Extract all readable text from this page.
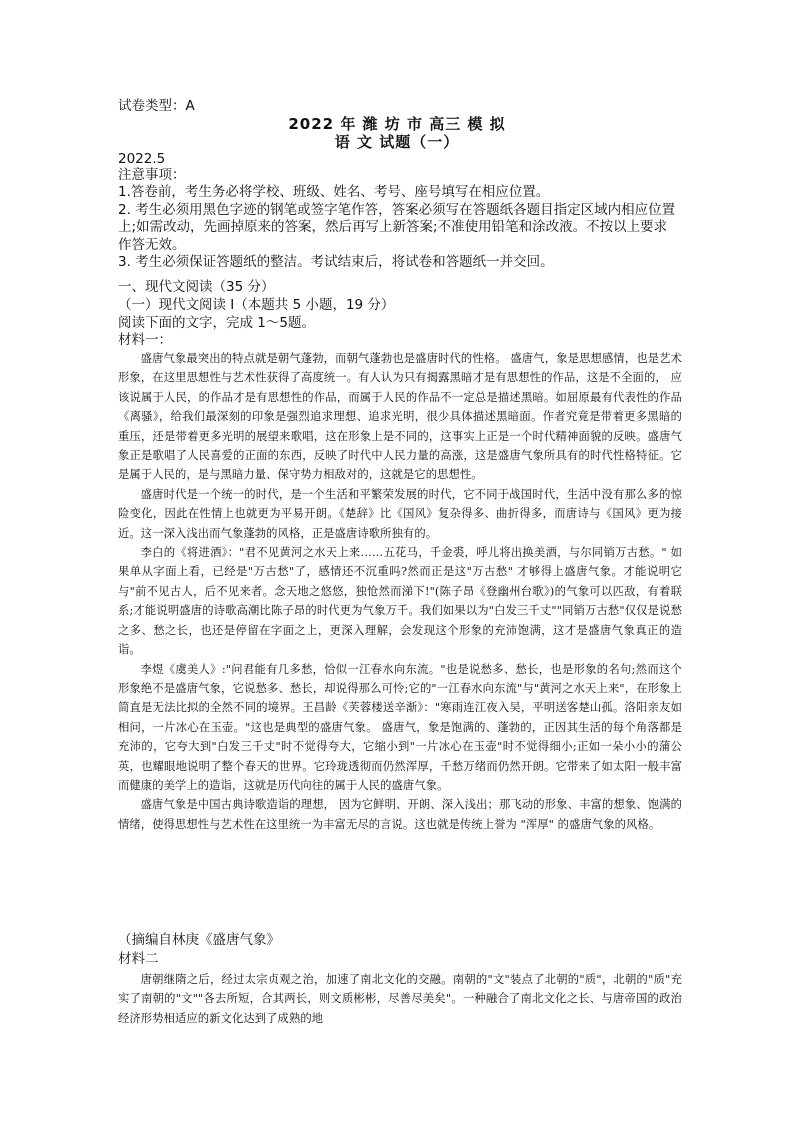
试卷类型：A
2022 年 潍 坊 市 高三 模 拟
语 文 试题（一）
2022.5
注意事项：

1.答卷前，考生务必将学校、班级、姓名、考号、座号填写在相应位置。

2. 考生必须用黑色字迹的钢笔或签字笔作答，答案必须写在答题纸各题目指定区域内相应位置上;如需改动，先画掉原来的答案，然后再写上新答案;不准使用铅笔和涂改液。不按以上要求作答无效。

3. 考生必须保证答题纸的整洁。考试结束后，将试卷和答题纸一并交回。

一、现代文阅读（35 分）
（一）现代文阅读 I（本题共 5 小题，19 分）
阅读下面的文字，完成 1～5题。
材料一：

盛唐气象最突出的特点就是朝气蓬勃，而朝气蓬勃也是盛唐时代的性格。 盛唐气，象是思想感情，也是艺术形象，在这里思想性与艺术性获得了高度统一。有人认为只有揭露黑暗才是有思想性的作品，这是不全面的， 应该说属于人民，的作品才是有思想性的作品，而属于人民的作品不一定总是描述黑暗。如屈原最有代表性的作品《离骚》，给我们最深刻的印象是强烈追求理想、追求光明，很少具体描述黑暗面。作者究竟是带着更多黑暗的重压，还是带着更多光明的展望来歌唱，这在形象上是不同的，这事实上正是一个时代精神面貌的反映。盛唐气象正是歌唱了人民喜爱的正面的东西，反映了时代中人民力量的高涨，这是盛唐气象所具有的时代性格特征。它是属于人民的，是与黑暗力量、保守势力相敌对的，这就是它的思想性。

盛唐时代是一个统一的时代，是一个生活和平繁荣发展的时代，它不同于战国时代，生活中没有那么多的惊险变化，因此在性情上也就更为平易开朗。《楚辞》比《国风》复杂得多、曲折得多，而唐诗与《国风》更为接近。这一深入浅出而气象蓬勃的风格，正是盛唐诗歌所独有的。

李白的《将进酒》："君不见黄河之水天上来……五花马，千金裘，呼儿将出换美酒，与尔同销万古愁。" 如果单从字面上看，已经是"万古愁"了，感情还不沉重吗?然而正是这"万古愁" 才够得上盛唐气象。才能说明它与"前不见古人，后不见来者。念天地之悠悠，独怆然而涕下!"(陈子昂《登幽州台歌》)的气象可以匹敌，有着联系;才能说明盛唐的诗歌高潮比陈子昂的时代更为气象万千。我们如果以为"白发三千丈""同销万古愁"仅仅是说愁之多、愁之长，也还是停留在字面之上，更深入理解，会发现这个形象的充沛饱满，这才是盛唐气象真正的造诣。

李煜《虞美人》:"问君能有几多愁，恰似一江春水向东流。"也是说愁多、愁长，也是形象的名句;然而这个形象绝不是盛唐气象，它说愁多、愁长，却说得那么可怜;它的"一江春水向东流"与"黄河之水天上来"，在形象上简直是无法比拟的全然不同的境界。王昌龄《芙蓉楼送辛渐》："寒雨连江夜入吴，平明送客楚山孤。洛阳亲友如相问，一片冰心在玉壶。"这也是典型的盛唐气象。 盛唐气，象是饱满的、蓬勃的，正因其生活的每个角落都是充沛的，它夸大到"白发三千丈"时不觉得夸大，它缩小到"一片冰心在玉壶"时不觉得细小;正如一朵小小的蒲公英，也耀眼地说明了整个春天的世界。它玲珑透彻而仍然浑厚，千愁万绪而仍然开朗。它带来了如太阳一般丰富而健康的美学上的造诣，这就是历代向往的属于人民的盛唐气象。

盛唐气象是中国古典诗歌造诣的理想， 因为它鲜明、开朗、深入浅出；那飞动的形象、丰富的想象、饱满的情绪，使得思想性与艺术性在这里统一为丰富无尽的言说。这也就是传统上誉为 "浑厚" 的盛唐气象的风格。

（摘编自林庚《盛唐气象》
材料二

唐朝继隋之后，经过太宗贞观之治，加速了南北文化的交融。南朝的"文"装点了北朝的"质"，北朝的"质"充实了南朝的"文""各去所短，合其两长，则文质彬彬，尽善尽美矣"。一种融合了南北文化之长、与唐帝国的政治经济形势相适应的新文化达到了成熟的地
